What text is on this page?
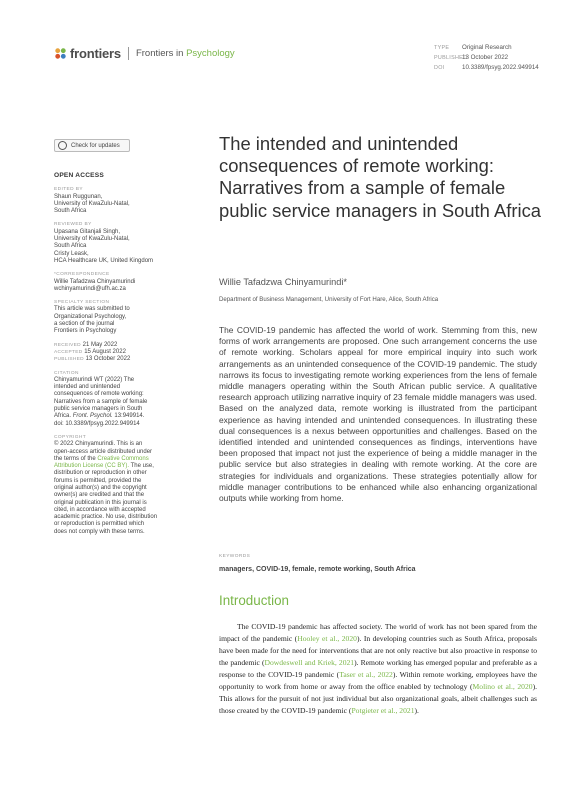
frontiers Frontiers in Psychology	TYPE Original Research
PUBLISHED13 October 2022
DOI	10.3389/fpsyg.2022.949914
Check for updates
OPEN ACCESS
EDITED BY
Shaun Ruggunan,
University of KwaZulu-Natal,
South Africa
REVIEWED BY
Upasana Gitanjali Singh,
University of KwaZulu-Natal,
South Africa
Cristy Leask,
HCA Healthcare UK, United Kingdom
*CORRESPONDENCE
Willie Tafadzwa Chinyamurindi
wchinyamurindi@ufh.ac.za
SPECIALTY SECTION
This article was submitted to
Organizational Psychology,
a section of the journal
Frontiers in Psychology
RECEIVED 21 May 2022
ACCEPTED 15 August 2022
PUBLISHED 13 October 2022
CITATION
Chinyamurindi WT (2022) The
intended and unintended
consequences of remote working:
Narratives from a sample of female
public service managers in South
Africa. Front. Psychol. 13:949914.
doi: 10.3389/fpsyg.2022.949914
COPYRIGHT
© 2022 Chinyamurindi. This is an
open-access article distributed under
the terms of the Creative Commons
Attribution License (CC BY). The use,
distribution or reproduction in other
forums is permitted, provided the
original author(s) and the copyright
owner(s) are credited and that the
original publication in this journal is
cited, in accordance with accepted
academic practice. No use, distribution
or reproduction is permitted which
does not comply with these terms.
The intended and unintended consequences of remote working: Narratives from a sample of female public service managers in South Africa
Willie Tafadzwa Chinyamurindi*
Department of Business Management, University of Fort Hare, Alice, South Africa
The COVID-19 pandemic has affected the world of work. Stemming from this, new forms of work arrangements are proposed. One such arrangement concerns the use of remote working. Scholars appeal for more empirical inquiry into such work arrangements as an unintended consequence of the COVID-19 pandemic. The study narrows its focus to investigating remote working experiences from the lens of female middle managers operating within the South African public service. A qualitative research approach utilizing narrative inquiry of 23 female middle managers was used. Based on the analyzed data, remote working is illustrated from the participant experience as having intended and unintended consequences. In illustrating these dual consequences is a nexus between opportunities and challenges. Based on the identified intended and unintended consequences as findings, interventions have been proposed that impact not just the experience of being a middle manager in the public service but also strategies in dealing with remote working. At the core are strategies for individuals and organizations. These strategies potentially allow for middle manager contributions to be enhanced while also enhancing organizational outputs while working from home.
KEYWORDS
managers, COVID-19, female, remote working, South Africa
Introduction
The COVID-19 pandemic has affected society. The world of work has not been spared from the impact of the pandemic (Hooley et al., 2020). In developing countries such as South Africa, proposals have been made for the need for interventions that are not only reactive but also proactive in response to the pandemic (Dowdeswell and Kriek, 2021). Remote working has emerged popular and preferable as a response to the COVID-19 pandemic (Taser et al., 2022). Within remote working, employees have the opportunity to work from home or away from the office enabled by technology (Molino et al., 2020). This allows for the pursuit of not just individual but also organizational goals, albeit challenges such as those created by the COVID-19 pandemic (Potgieter et al., 2021).
